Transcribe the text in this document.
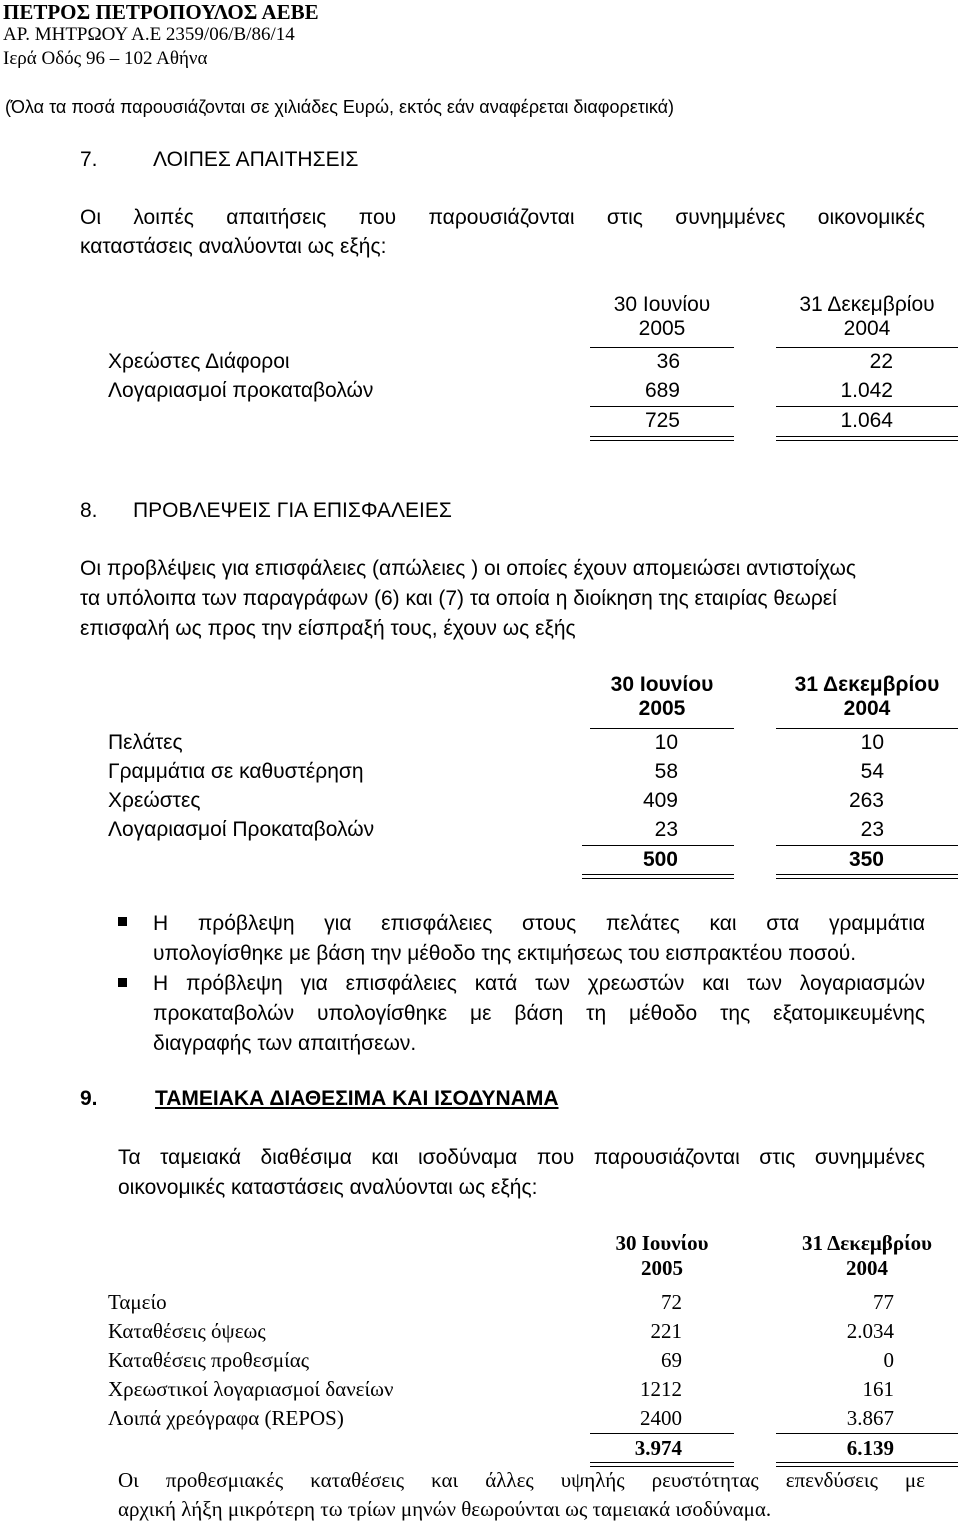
ΠΕΤΡΟΣ ΠΕΤΡΟΠΟΥΛΟΣ ΑΕΒΕ
ΑΡ. ΜΗΤΡΩΟΥ Α.Ε 2359/06/Β/86/14
Ιερά Οδός 96 – 102 Αθήνα
(Όλα τα ποσά παρουσιάζονται σε χιλιάδες Ευρώ, εκτός εάν αναφέρεται διαφορετικά)
7.	ΛΟΙΠΕΣ ΑΠΑΙΤΗΣΕΙΣ
Οι λοιπές απαιτήσεις που παρουσιάζονται στις συνημμένες οικονομικές
καταστάσεις αναλύονται ως εξής:
30 Ιουνίου
2005
31 Δεκεμβρίου
2004
Χρεώστες Διάφοροι	36	22
Λογαριασμοί προκαταβολών	689	1.042
725	1.064
8. ΠΡΟΒΛΕΨΕΙΣ ΓΙΑ ΕΠΙΣΦΑΛΕΙΕΣ
Οι προβλέψεις για επισφάλειες (απώλειες ) οι οποίες έχουν απομειώσει αντιστοίχως
τα υπόλοιπα των παραγράφων (6) και (7) τα οποία η διοίκηση της εταιρίας θεωρεί
επισφαλή ως προς την είσπραξή τους, έχουν ως εξής
30 Ιουνίου
2005
31 Δεκεμβρίου
2004
Πελάτες	10	10
Γραμμάτια σε καθυστέρηση	58	54
Χρεώστες	409	263
Λογαριασμοί Προκαταβολών	23	23
500	350
Η πρόβλεψη για επισφάλειες στους πελάτες και στα γραμμάτια
υπολογίσθηκε με βάση την μέθοδο της εκτιμήσεως του εισπρακτέου ποσού.
Η πρόβλεψη για επισφάλειες κατά των χρεωστών και των λογαριασμών
προκαταβολών υπολογίσθηκε με βάση τη μέθοδο της εξατομικευμένης
διαγραφής των απαιτήσεων.
9.	ΤΑΜΕΙΑΚΑ ΔΙΑΘΕΣΙΜΑ ΚΑΙ ΙΣΟΔΥΝΑΜΑ
Τα ταμειακά διαθέσιμα και ισοδύναμα που παρουσιάζονται στις συνημμένες
οικονομικές καταστάσεις αναλύονται ως εξής:
30 Ιουνίου
2005
31 Δεκεμβρίου
2004
Ταμείο	72	77
Καταθέσεις όψεως	221	2.034
Καταθέσεις προθεσμίας	69	0
Χρεωστικοί λογαριασμοί δανείων	1212	161
Λοιπά χρεόγραφα (REPOS)	2400	3.867
3.974	6.139
Οι προθεσμιακές καταθέσεις και άλλες υψηλής ρευστότητας επενδύσεις με
αρχική λήξη μικρότερη τω τρίων μηνών θεωρούνται ως ταμειακά ισοδύναμα.
